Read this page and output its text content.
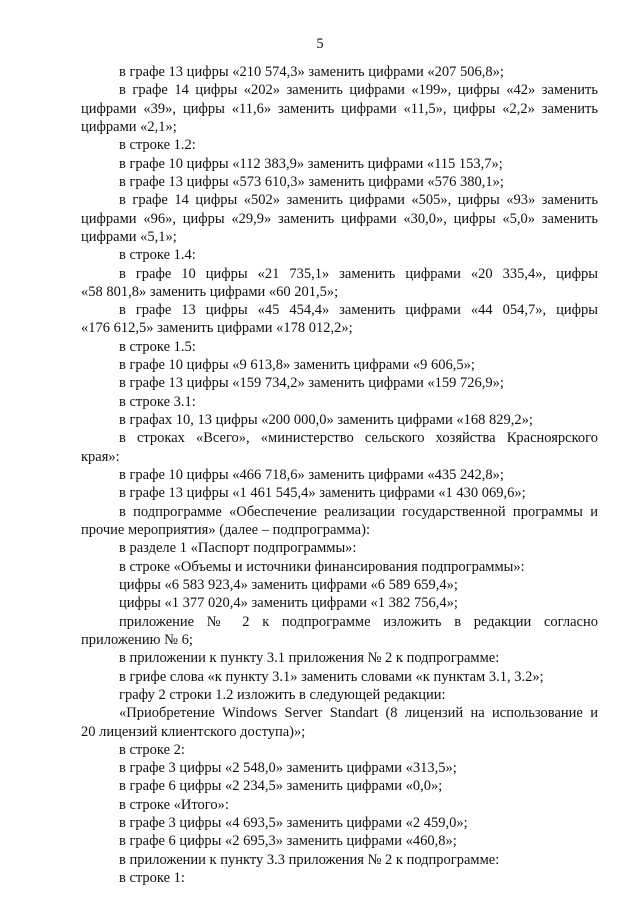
5
в графе 13 цифры «210 574,3» заменить цифрами «207 506,8»;
в графе 14 цифры «202» заменить цифрами «199», цифры «42» заменить
цифрами «39», цифры «11,6» заменить цифрами «11,5», цифры «2,2» заменить
цифрами «2,1»;
в строке 1.2:
в графе 10 цифры «112 383,9» заменить цифрами «115 153,7»;
в графе 13 цифры «573 610,3» заменить цифрами «576 380,1»;
в графе 14 цифры «502» заменить цифрами «505», цифры «93» заменить
цифрами «96», цифры «29,9» заменить цифрами «30,0», цифры «5,0» заменить
цифрами «5,1»;
в строке 1.4:
в графе 10 цифры «21 735,1» заменить цифрами «20 335,4», цифры
«58 801,8» заменить цифрами «60 201,5»;
в графе 13 цифры «45 454,4» заменить цифрами «44 054,7», цифры
«176 612,5» заменить цифрами «178 012,2»;
в строке 1.5:
в графе 10 цифры «9 613,8» заменить цифрами «9 606,5»;
в графе 13 цифры «159 734,2» заменить цифрами «159 726,9»;
в строке 3.1:
в графах 10, 13 цифры «200 000,0» заменить цифрами «168 829,2»;
в строках «Всего», «министерство сельского хозяйства Красноярского
края»:
в графе 10 цифры «466 718,6» заменить цифрами «435 242,8»;
в графе 13 цифры «1 461 545,4» заменить цифрами «1 430 069,6»;
в подпрограмме «Обеспечение реализации государственной программы и
прочие мероприятия» (далее – подпрограмма):
в разделе 1 «Паспорт подпрограммы»:
в строке «Объемы и источники финансирования подпрограммы»:
цифры «6 583 923,4» заменить цифрами «6 589 659,4»;
цифры «1 377 020,4» заменить цифрами «1 382 756,4»;
приложение № 2 к подпрограмме изложить в редакции согласно
приложению № 6;
в приложении к пункту 3.1 приложения № 2 к подпрограмме:
в грифе слова «к пункту 3.1» заменить словами «к пунктам 3.1, 3.2»;
графу 2 строки 1.2 изложить в следующей редакции:
«Приобретение Windows Server Standart (8 лицензий на использование и
20 лицензий клиентского доступа)»;
в строке 2:
в графе 3 цифры «2 548,0» заменить цифрами «313,5»;
в графе 6 цифры «2 234,5» заменить цифрами «0,0»;
в строке «Итого»:
в графе 3 цифры «4 693,5» заменить цифрами «2 459,0»;
в графе 6 цифры «2 695,3» заменить цифрами «460,8»;
в приложении к пункту 3.3 приложения № 2 к подпрограмме:
в строке 1:
